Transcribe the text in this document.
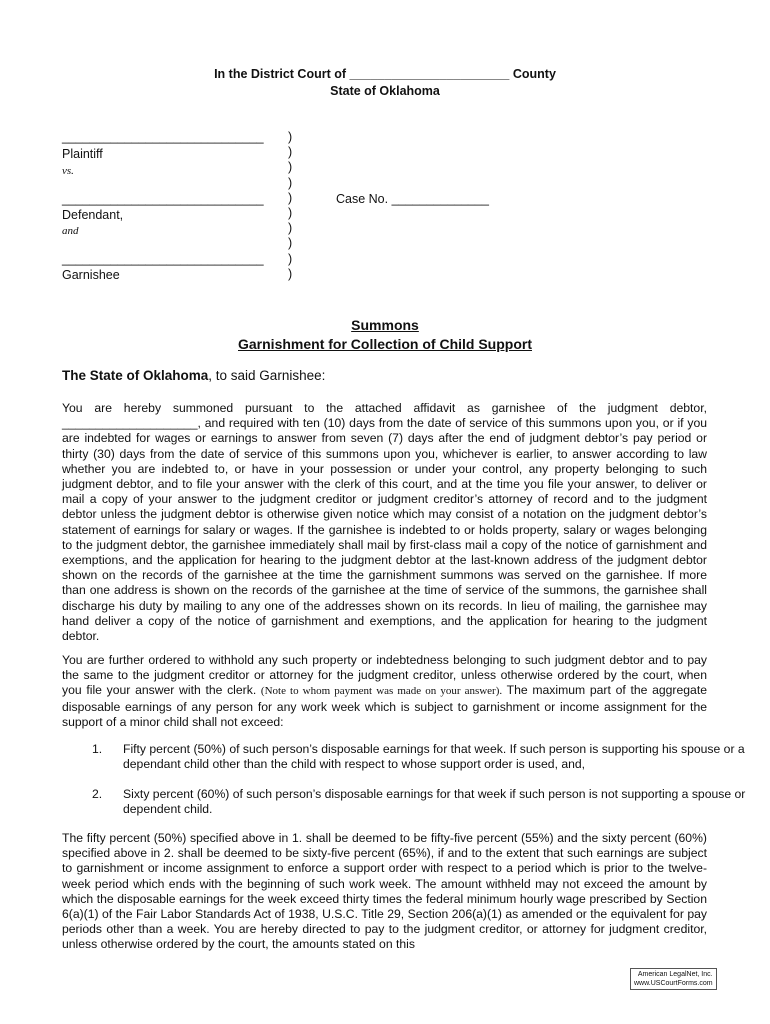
In the District Court of _______________________ County
State of Oklahoma
_____________________________
Plaintiff
vs.
_____________________________
Defendant,
and
_____________________________
Garnishee
)
)
)
)
)
)
)
)
)
)
Case No. ______________
Summons
Garnishment for Collection of Child Support
The State of Oklahoma, to said Garnishee:
You are hereby summoned pursuant to the attached affidavit as garnishee of the judgment debtor, ____________________, and required with ten (10) days from the date of service of this summons upon you, or if you are indebted for wages or earnings to answer from seven (7) days after the end of judgment debtor’s pay period or thirty (30) days from the date of service of this summons upon you, whichever is earlier, to answer according to law whether you are indebted to, or have in your possession or under your control, any property belonging to such judgment debtor, and to file your answer with the clerk of this court, and at the time you file your answer, to deliver or mail a copy of your answer to the judgment creditor or judgment creditor’s attorney of record and to the judgment debtor unless the judgment debtor is otherwise given notice which may consist of a notation on the judgment debtor’s statement of earnings for salary or wages. If the garnishee is indebted to or holds property, salary or wages belonging to the judgment debtor, the garnishee immediately shall mail by first-class mail a copy of the notice of garnishment and exemptions, and the application for hearing to the judgment debtor at the last-known address of the judgment debtor shown on the records of the garnishee at the time the garnishment summons was served on the garnishee. If more than one address is shown on the records of the garnishee at the time of service of the summons, the garnishee shall discharge his duty by mailing to any one of the addresses shown on its records. In lieu of mailing, the garnishee may hand deliver a copy of the notice of garnishment and exemptions, and the application for hearing to the judgment debtor.
You are further ordered to withhold any such property or indebtedness belonging to such judgment debtor and to pay the same to the judgment creditor or attorney for the judgment creditor, unless otherwise ordered by the court, when you file your answer with the clerk. (Note to whom payment was made on your answer). The maximum part of the aggregate disposable earnings of any person for any work week which is subject to garnishment or income assignment for the support of a minor child shall not exceed:
1. Fifty percent (50%) of such person’s disposable earnings for that week. If such person is supporting his spouse or a dependant child other than the child with respect to whose support order is used, and,
2. Sixty percent (60%) of such person’s disposable earnings for that week if such person is not supporting a spouse or dependent child.
The fifty percent (50%) specified above in 1. shall be deemed to be fifty-five percent (55%) and the sixty percent (60%) specified above in 2. shall be deemed to be sixty-five percent (65%), if and to the extent that such earnings are subject to garnishment or income assignment to enforce a support order with respect to a period which is prior to the twelve-week period which ends with the beginning of such work week. The amount withheld may not exceed the amount by which the disposable earnings for the week exceed thirty times the federal minimum hourly wage prescribed by Section 6(a)(1) of the Fair Labor Standards Act of 1938, U.S.C. Title 29, Section 206(a)(1) as amended or the equivalent for pay periods other than a week. You are hereby directed to pay to the judgment creditor, or attorney for judgment creditor, unless otherwise ordered by the court, the amounts stated on this
American LegalNet, Inc.
www.USCourtForms.com
